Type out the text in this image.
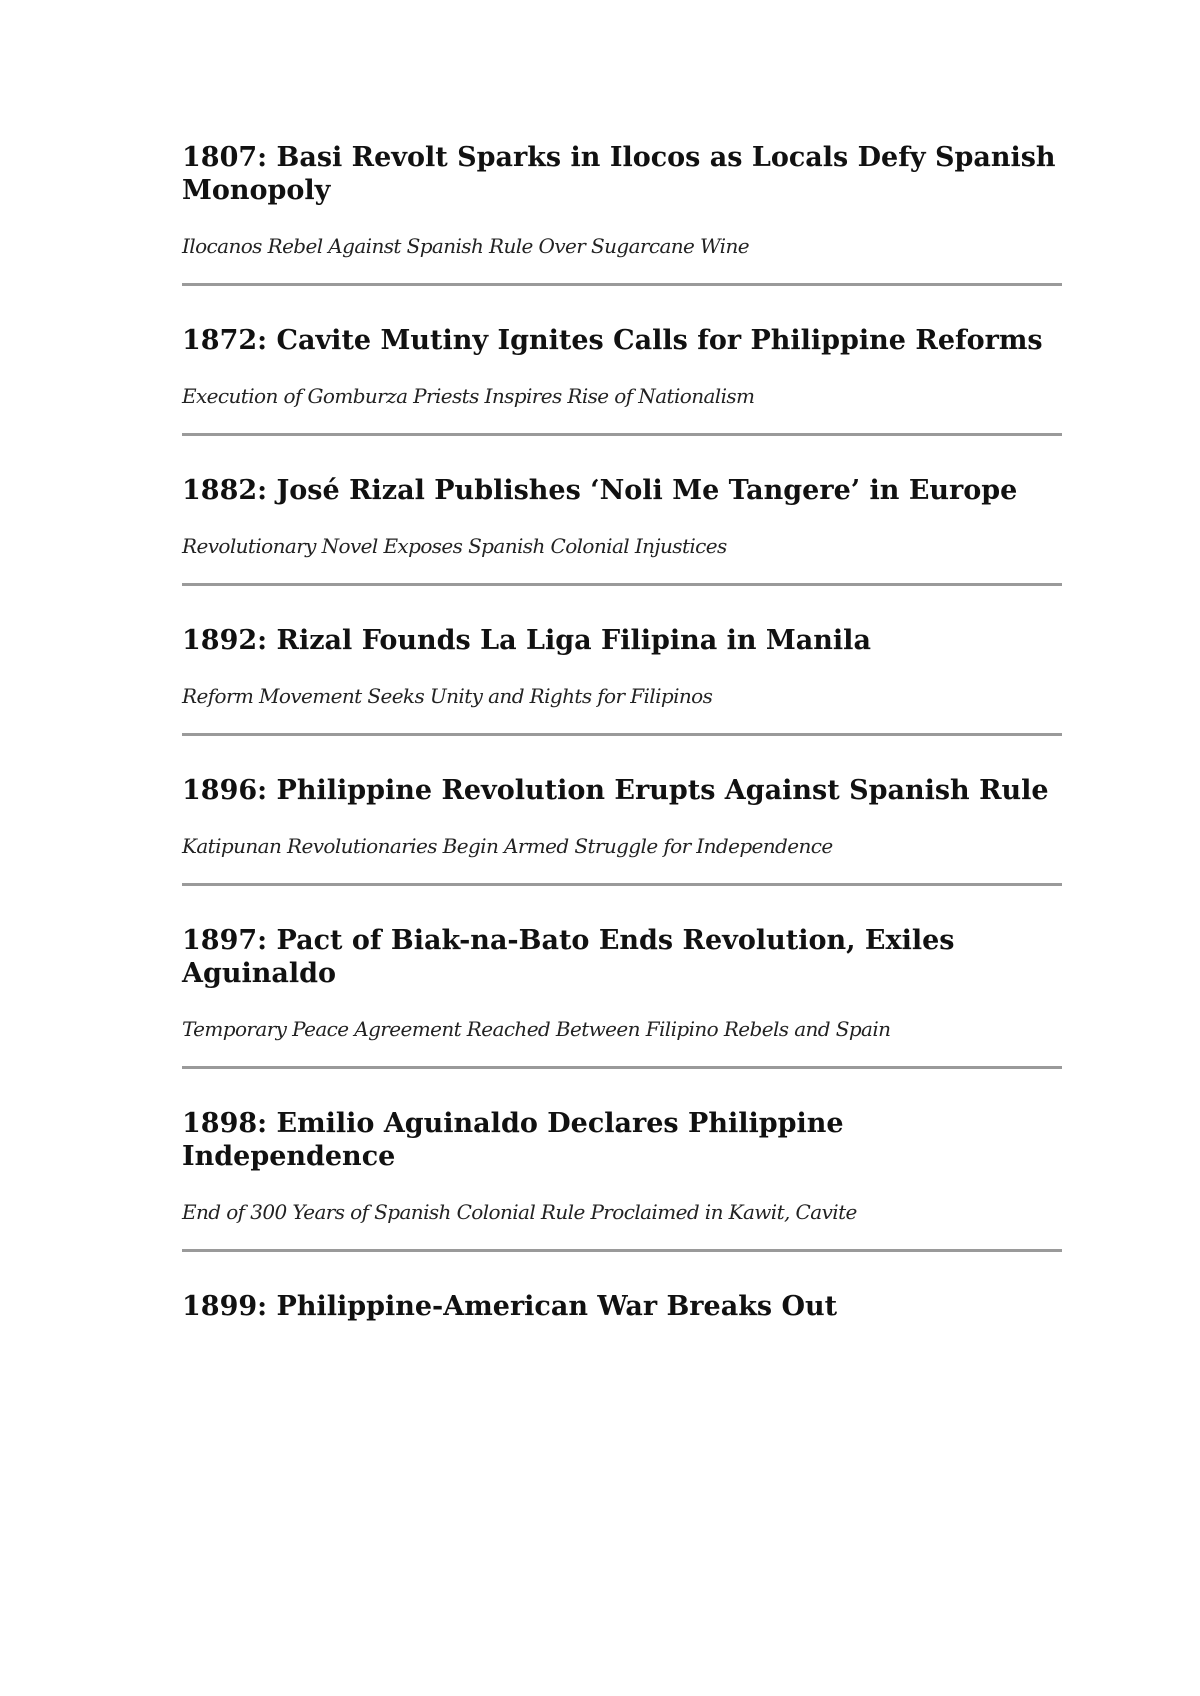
1807: Basi Revolt Sparks in Ilocos as Locals Defy Spanish Monopoly

Ilocanos Rebel Against Spanish Rule Over Sugarcane Wine

1872: Cavite Mutiny Ignites Calls for Philippine Reforms

Execution of Gomburza Priests Inspires Rise of Nationalism

1882: José Rizal Publishes ‘Noli Me Tangere’ in Europe

Revolutionary Novel Exposes Spanish Colonial Injustices

1892: Rizal Founds La Liga Filipina in Manila

Reform Movement Seeks Unity and Rights for Filipinos

1896: Philippine Revolution Erupts Against Spanish Rule

Katipunan Revolutionaries Begin Armed Struggle for Independence

1897: Pact of Biak-na-Bato Ends Revolution, Exiles Aguinaldo

Temporary Peace Agreement Reached Between Filipino Rebels and Spain

1898: Emilio Aguinaldo Declares Philippine Independence

End of 300 Years of Spanish Colonial Rule Proclaimed in Kawit, Cavite

1899: Philippine-American War Breaks Out
